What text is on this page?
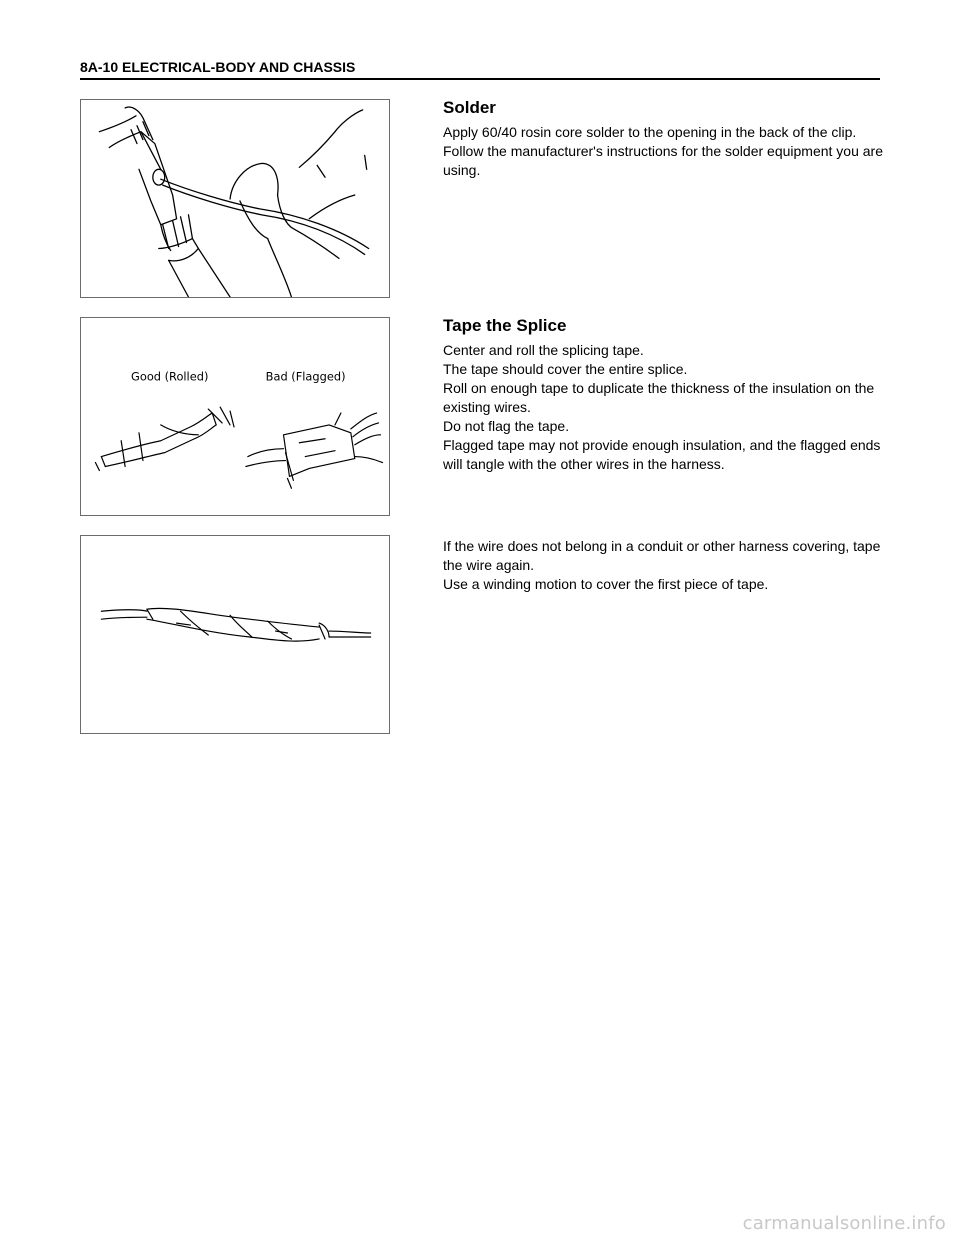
8A-10 ELECTRICAL-BODY AND CHASSIS
Solder

Apply 60/40 rosin core solder to the opening in the back of the clip.

Follow the manufacturer's instructions for the solder equipment you are using.

Good (Rolled)	Bad (Flagged)
Tape the Splice

Center and roll the splicing tape.

The tape should cover the entire splice.

Roll on enough tape to duplicate the thickness of the insulation on the existing wires.

Do not flag the tape.

Flagged tape may not provide enough insulation, and the flagged ends will tangle with the other wires in the harness.

If the wire does not belong in a conduit or other harness covering, tape the wire again.

Use a winding motion to cover the first piece of tape.

carmanualsonline.info
